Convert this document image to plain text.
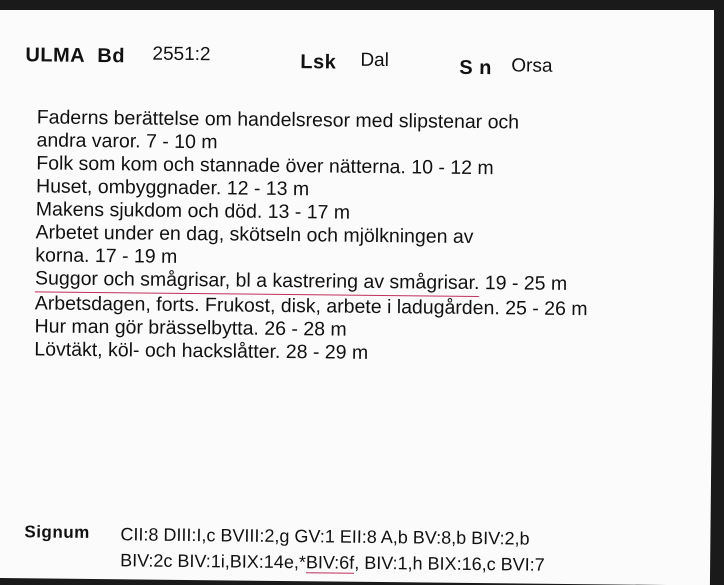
ULMA Bd 2551:2	Lsk Dal	S n Orsa
Faderns berättelse om handelsresor med slipstenar och
andra varor. 7 - 10 m
Folk som kom och stannade över nätterna. 10 - 12 m
Huset, ombyggnader. 12 - 13 m
Makens sjukdom och död. 13 - 17 m
Arbetet under en dag, skötseln och mjölkningen av
korna. 17 - 19 m
Suggor och smågrisar, bl a kastrering av smågrisar. 19 - 25 m
Arbetsdagen, forts. Frukost, disk, arbete i ladugården. 25 - 26 m
Hur man gör brässelbytta. 26 - 28 m
Lövtäkt, köl- och hackslåtter. 28 - 29 m
Signum CII:8 DIII:I,c BVIII:2,g GV:1 EII:8 A,b BV:8,b BIV:2,b
BIV:2c BIV:1i,BIX:14e,*BIV:6f, BIV:1,h BIX:16,c BVI:7
